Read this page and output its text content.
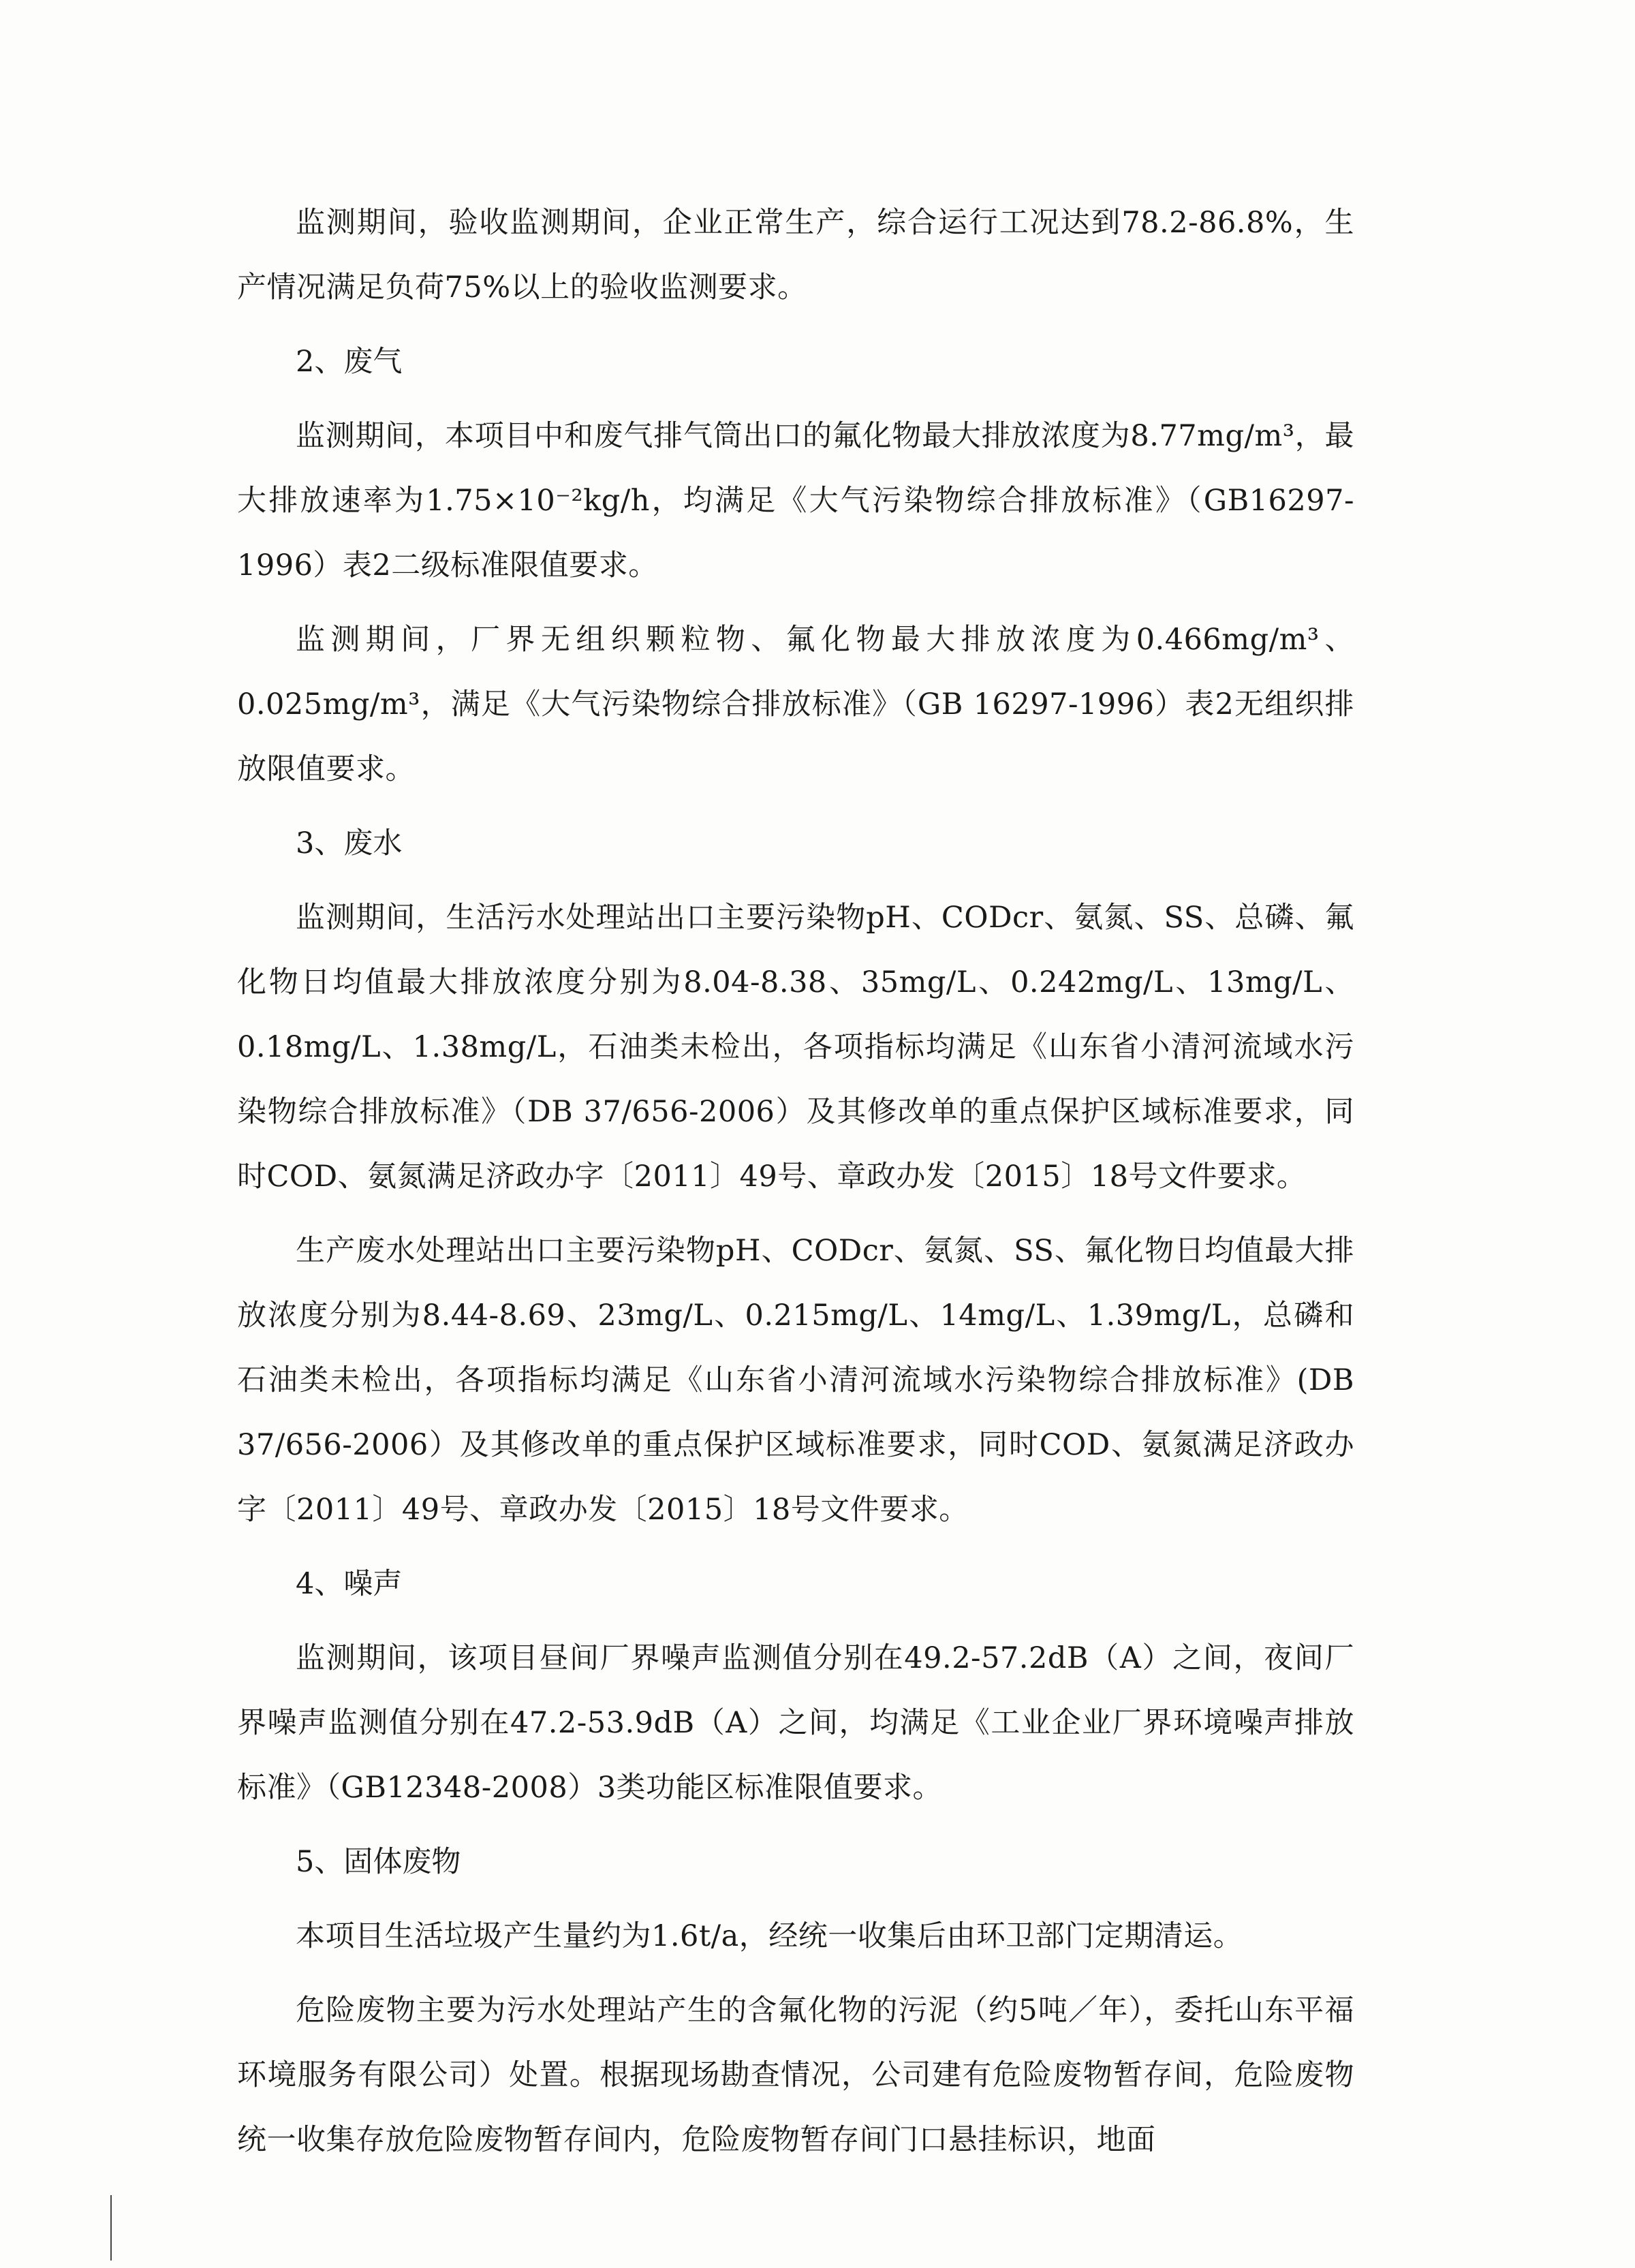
监测期间，验收监测期间，企业正常生产，综合运行工况达到78.2-86.8%，生产情况满足负荷75%以上的验收监测要求。

2、废气

监测期间，本项目中和废气排气筒出口的氟化物最大排放浓度为8.77mg/m³，最大排放速率为1.75×10⁻²kg/h，均满足《大气污染物综合排放标准》（GB16297-1996）表2二级标准限值要求。

监测期间，厂界无组织颗粒物、氟化物最大排放浓度为0.466mg/m³、0.025mg/m³，满足《大气污染物综合排放标准》（GB 16297-1996）表2无组织排放限值要求。

3、废水

监测期间，生活污水处理站出口主要污染物pH、CODcr、氨氮、SS、总磷、氟化物日均值最大排放浓度分别为8.04-8.38、35mg/L、0.242mg/L、13mg/L、0.18mg/L、1.38mg/L，石油类未检出，各项指标均满足《山东省小清河流域水污染物综合排放标准》（DB 37/656-2006）及其修改单的重点保护区域标准要求，同时COD、氨氮满足济政办字〔2011〕49号、章政办发〔2015〕18号文件要求。

生产废水处理站出口主要污染物pH、CODcr、氨氮、SS、氟化物日均值最大排放浓度分别为8.44-8.69、23mg/L、0.215mg/L、14mg/L、1.39mg/L，总磷和石油类未检出，各项指标均满足《山东省小清河流域水污染物综合排放标准》(DB 37/656-2006）及其修改单的重点保护区域标准要求，同时COD、氨氮满足济政办字〔2011〕49号、章政办发〔2015〕18号文件要求。

4、噪声

监测期间，该项目昼间厂界噪声监测值分别在49.2-57.2dB（A）之间，夜间厂界噪声监测值分别在47.2-53.9dB（A）之间，均满足《工业企业厂界环境噪声排放标准》（GB12348-2008）3类功能区标准限值要求。

5、固体废物

本项目生活垃圾产生量约为1.6t/a，经统一收集后由环卫部门定期清运。

危险废物主要为污水处理站产生的含氟化物的污泥（约5吨／年），委托山东平福环境服务有限公司）处置。根据现场勘查情况，公司建有危险废物暂存间，危险废物统一收集存放危险废物暂存间内，危险废物暂存间门口悬挂标识，地面
